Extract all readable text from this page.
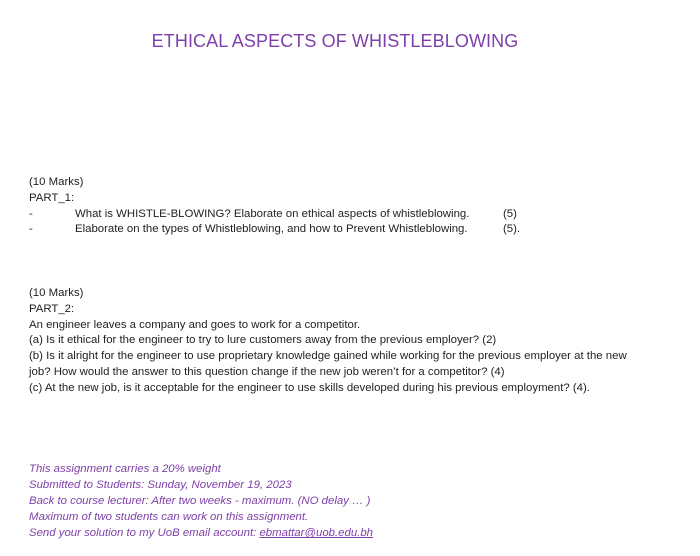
ETHICAL ASPECTS OF WHISTLEBLOWING
(10 Marks)
PART_1:
-	What is WHISTLE-BLOWING? Elaborate on ethical aspects of whistleblowing.	(5)
-	Elaborate on the types of Whistleblowing, and how to Prevent Whistleblowing.	(5).
(10 Marks)
PART_2:
An engineer leaves a company and goes to work for a competitor.
(a) Is it ethical for the engineer to try to lure customers away from the previous employer? (2)
(b) Is it alright for the engineer to use proprietary knowledge gained while working for the previous employer at the new job? How would the answer to this question change if the new job weren’t for a competitor? (4)
(c) At the new job, is it acceptable for the engineer to use skills developed during his previous employment? (4).
This assignment carries a 20% weight
Submitted to Students: Sunday, November 19, 2023
Back to course lecturer: After two weeks - maximum. (NO delay … )
Maximum of two students can work on this assignment.
Send your solution to my UoB email account: ebmattar@uob.edu.bh
